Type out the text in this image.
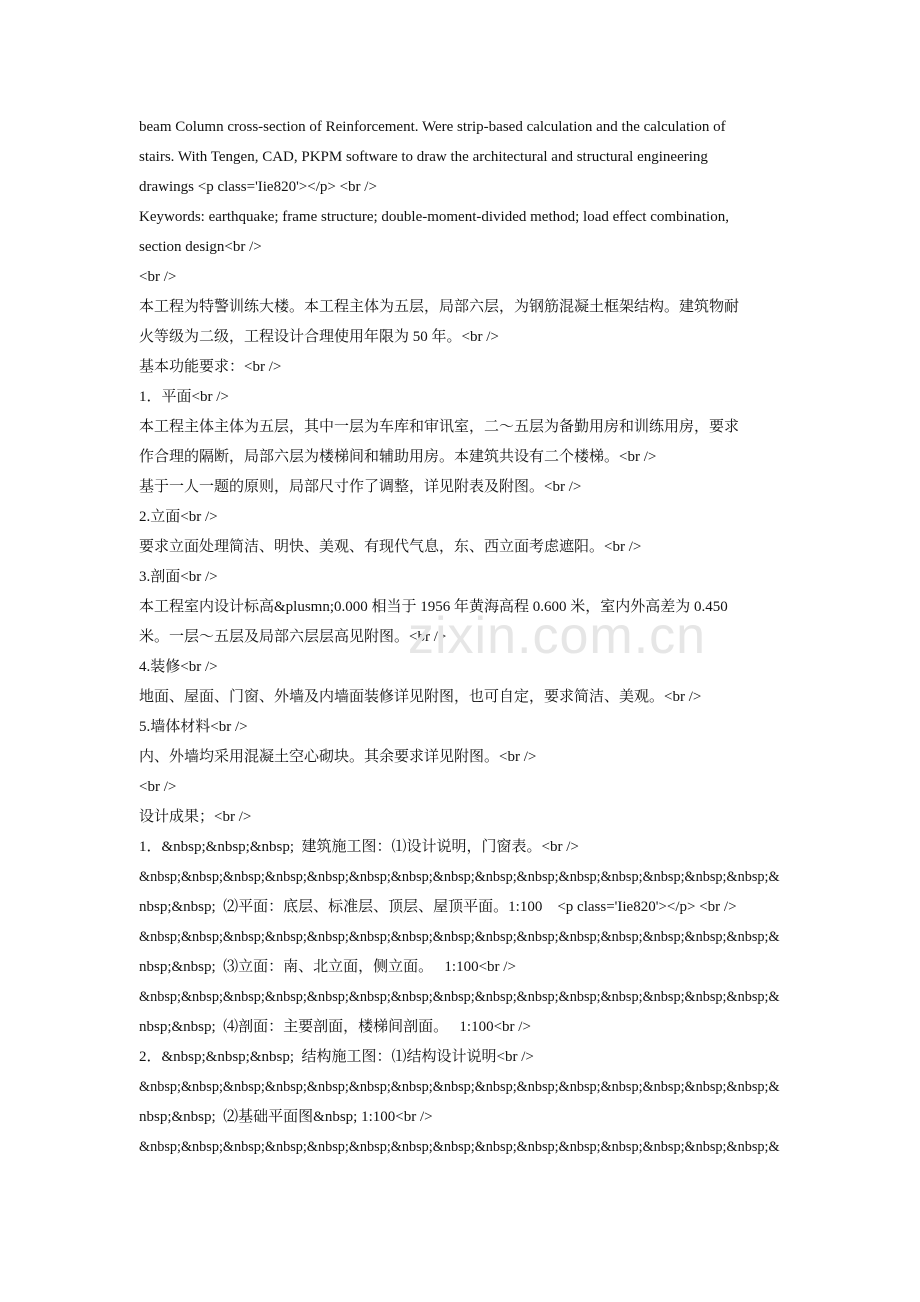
beam Column cross-section of Reinforcement. Were strip-based calculation and the calculation of
stairs. With Tengen, CAD, PKPM software to draw the architectural and structural engineering
drawings <p class='Iie820'></p> <br />
Keywords: earthquake; frame structure; double-moment-divided method; load effect combination,
section design<br />
<br />
本工程为特警训练大楼。本工程主体为五层，局部六层，为钢筋混凝土框架结构。建筑物耐
火等级为二级，工程设计合理使用年限为 50 年。<br />
基本功能要求：<br />
1．平面<br />
本工程主体主体为五层，其中一层为车库和审讯室，二～五层为备勤用房和训练用房，要求
作合理的隔断，局部六层为楼梯间和辅助用房。本建筑共设有二个楼梯。<br />
基于一人一题的原则，局部尺寸作了调整，详见附表及附图。<br />
2.立面<br />
要求立面处理简洁、明快、美观、有现代气息，东、西立面考虑遮阳。<br />
3.剖面<br />
本工程室内设计标高&plusmn;0.000 相当于 1956 年黄海高程 0.600 米，室内外高差为 0.450
米。一层～五层及局部六层层高见附图。<br />
4.装修<br />
地面、屋面、门窗、外墙及内墙面装修详见附图，也可自定，要求简洁、美观。<br />
5.墙体材料<br />
内、外墙均采用混凝土空心砌块。其余要求详见附图。<br />
<br />
设计成果；<br />
1．&nbsp;&nbsp;&nbsp;  建筑施工图：⑴设计说明，门窗表。<br />
&nbsp;&nbsp;&nbsp;&nbsp;&nbsp;&nbsp;&nbsp;&nbsp;&nbsp;&nbsp;&nbsp;&nbsp;&nbsp;&nbsp;&nbsp;&
nbsp;&nbsp;  ⑵平面：底层、标准层、顶层、屋顶平面。1:100    <p class='Iie820'></p> <br />
&nbsp;&nbsp;&nbsp;&nbsp;&nbsp;&nbsp;&nbsp;&nbsp;&nbsp;&nbsp;&nbsp;&nbsp;&nbsp;&nbsp;&nbsp;&
nbsp;&nbsp;  ⑶立面：南、北立面，侧立面。   1:100<br />
&nbsp;&nbsp;&nbsp;&nbsp;&nbsp;&nbsp;&nbsp;&nbsp;&nbsp;&nbsp;&nbsp;&nbsp;&nbsp;&nbsp;&nbsp;&
nbsp;&nbsp;  ⑷剖面：主要剖面，楼梯间剖面。   1:100<br />
2．&nbsp;&nbsp;&nbsp;  结构施工图：⑴结构设计说明<br />
&nbsp;&nbsp;&nbsp;&nbsp;&nbsp;&nbsp;&nbsp;&nbsp;&nbsp;&nbsp;&nbsp;&nbsp;&nbsp;&nbsp;&nbsp;&
nbsp;&nbsp;  ⑵基础平面图&nbsp; 1:100<br />
&nbsp;&nbsp;&nbsp;&nbsp;&nbsp;&nbsp;&nbsp;&nbsp;&nbsp;&nbsp;&nbsp;&nbsp;&nbsp;&nbsp;&nbsp;&
zixin.com.cn
